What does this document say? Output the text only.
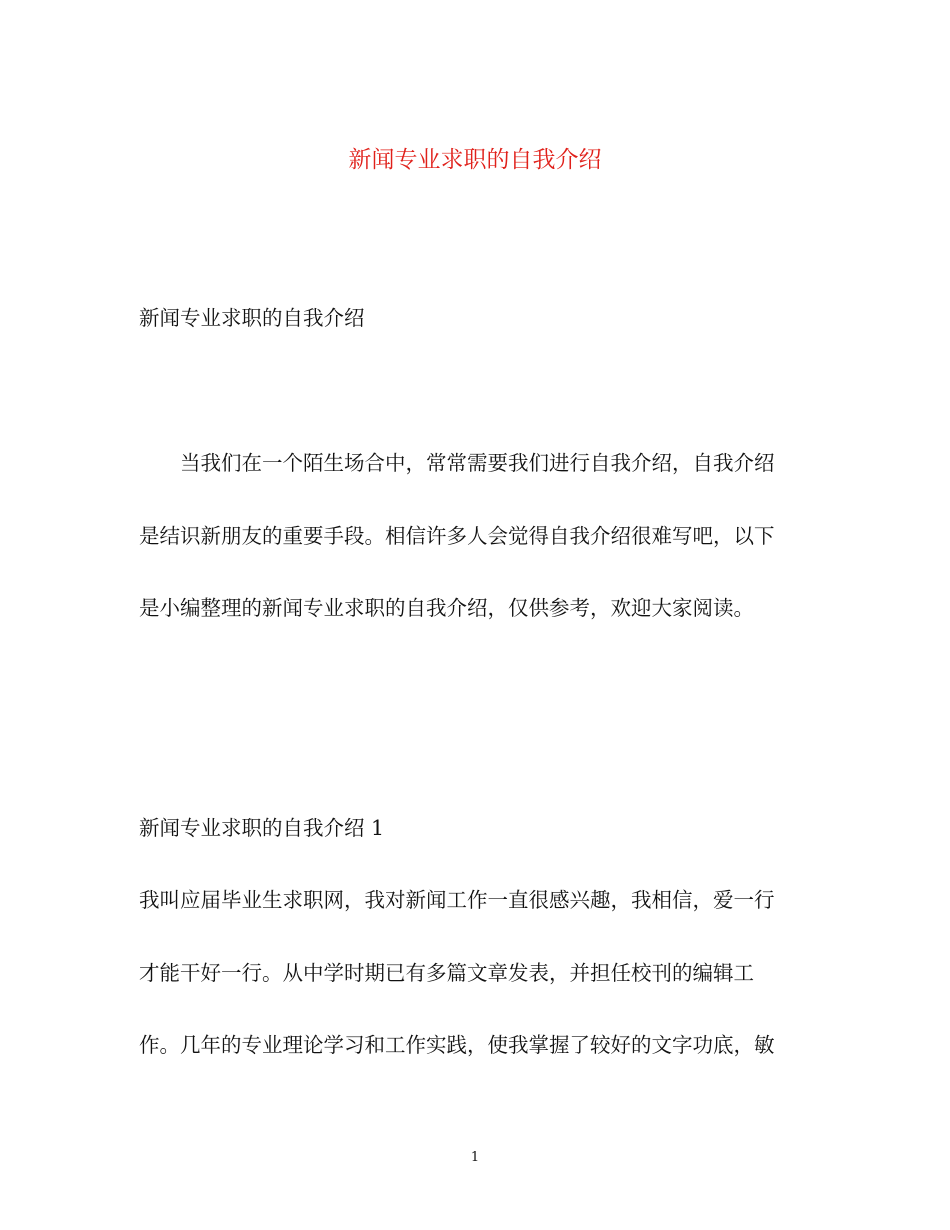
新闻专业求职的自我介绍
新闻专业求职的自我介绍
　　当我们在一个陌生场合中，常常需要我们进行自我介绍，自我介绍
是结识新朋友的重要手段。相信许多人会觉得自我介绍很难写吧，以下
是小编整理的新闻专业求职的自我介绍，仅供参考，欢迎大家阅读。
新闻专业求职的自我介绍 1
我叫应届毕业生求职网，我对新闻工作一直很感兴趣，我相信，爱一行
才能干好一行。从中学时期已有多篇文章发表，并担任校刊的编辑工
作。几年的专业理论学习和工作实践，使我掌握了较好的文字功底，敏
1
